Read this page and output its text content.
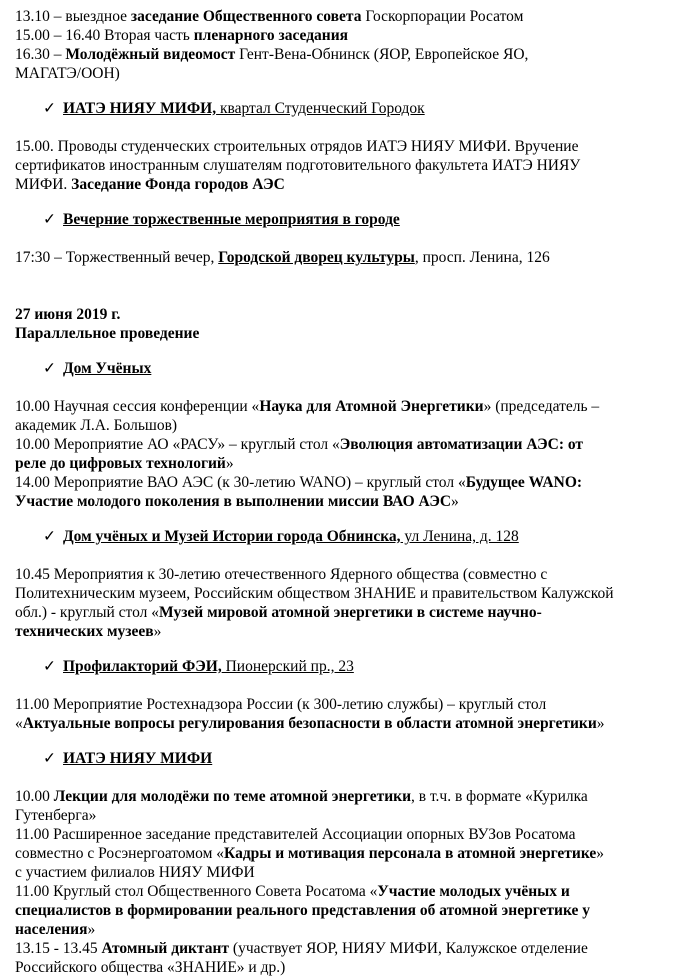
13.10 – выездное заседание Общественного совета Госкорпорации Росатом
15.00 – 16.40 Вторая часть пленарного заседания
16.30 – Молодёжный видеомост Гент-Вена-Обнинск (ЯОР, Европейское ЯО,
МАГАТЭ/ООН)
✓ ИАТЭ НИЯУ МИФИ, квартал Студенческий Городок
15.00. Проводы студенческих строительных отрядов ИАТЭ НИЯУ МИФИ. Вручение
сертификатов иностранным слушателям подготовительного факультета ИАТЭ НИЯУ
МИФИ. Заседание Фонда городов АЭС
✓ Вечерние торжественные мероприятия в городе
17:30 – Торжественный вечер, Городской дворец культуры, просп. Ленина, 126
27 июня 2019 г.
Параллельное проведение
✓ Дом Учёных
10.00 Научная сессия конференции «Наука для Атомной Энергетики» (председатель –
академик Л.А. Большов)
10.00 Мероприятие АО «РАСУ» – круглый стол «Эволюция автоматизации АЭС: от
реле до цифровых технологий»
14.00 Мероприятие ВАО АЭС (к 30-летию WANO) – круглый стол «Будущее WANO:
Участие молодого поколения в выполнении миссии ВАО АЭС»
✓ Дом учёных и Музей Истории города Обнинска, ул Ленина, д. 128
10.45 Мероприятия к 30-летию отечественного Ядерного общества (совместно с
Политехническим музеем, Российским обществом ЗНАНИЕ и правительством Калужской
обл.) - круглый стол «Музей мировой атомной энергетики в системе научно-
технических музеев»
✓ Профилакторий ФЭИ, Пионерский пр., 23
11.00 Мероприятие Ростехнадзора России (к 300-летию службы) – круглый стол
«Актуальные вопросы регулирования безопасности в области атомной энергетики»
✓ ИАТЭ НИЯУ МИФИ
10.00 Лекции для молодёжи по теме атомной энергетики, в т.ч. в формате «Курилка
Гутенберга»
11.00 Расширенное заседание представителей Ассоциации опорных ВУЗов Росатома
совместно с Росэнергоатомом «Кадры и мотивация персонала в атомной энергетике»
с участием филиалов НИЯУ МИФИ
11.00 Круглый стол Общественного Совета Росатома «Участие молодых учёных и
специалистов в формировании реального представления об атомной энергетике у
населения»
13.15 - 13.45 Атомный диктант (участвует ЯОР, НИЯУ МИФИ, Калужское отделение
Российского общества «ЗНАНИЕ» и др.)
